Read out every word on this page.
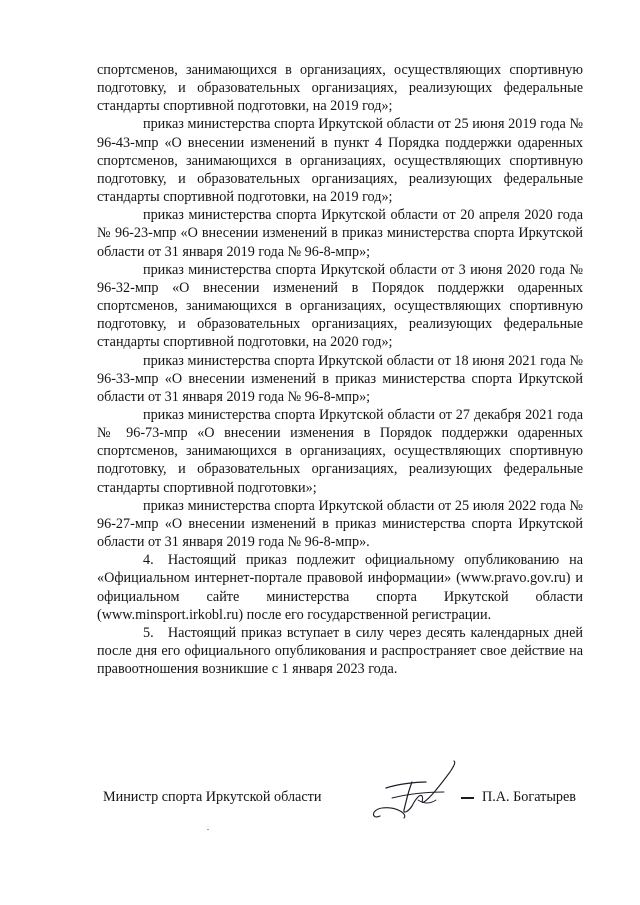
спортсменов, занимающихся в организациях, осуществляющих спортивную подготовку, и образовательных организациях, реализующих федеральные стандарты спортивной подготовки, на 2019 год»;

приказ министерства спорта Иркутской области от 25 июня 2019 года № 96-43-мпр «О внесении изменений в пункт 4 Порядка поддержки одаренных спортсменов, занимающихся в организациях, осуществляющих спортивную подготовку, и образовательных организациях, реализующих федеральные стандарты спортивной подготовки, на 2019 год»;

приказ министерства спорта Иркутской области от 20 апреля 2020 года № 96-23-мпр «О внесении изменений в приказ министерства спорта Иркутской области от 31 января 2019 года № 96-8-мпр»;

приказ министерства спорта Иркутской области от 3 июня 2020 года № 96-32-мпр «О внесении изменений в Порядок поддержки одаренных спортсменов, занимающихся в организациях, осуществляющих спортивную подготовку, и образовательных организациях, реализующих федеральные стандарты спортивной подготовки, на 2020 год»;

приказ министерства спорта Иркутской области от 18 июня 2021 года № 96-33-мпр «О внесении изменений в приказ министерства спорта Иркутской области от 31 января 2019 года № 96-8-мпр»;

приказ министерства спорта Иркутской области от 27 декабря 2021 года № 96-73-мпр «О внесении изменения в Порядок поддержки одаренных спортсменов, занимающихся в организациях, осуществляющих спортивную подготовку, и образовательных организациях, реализующих федеральные стандарты спортивной подготовки»;

приказ министерства спорта Иркутской области от 25 июля 2022 года № 96-27-мпр «О внесении изменений в приказ министерства спорта Иркутской области от 31 января 2019 года № 96-8-мпр».

4. Настоящий приказ подлежит официальному опубликованию на «Официальном интернет-портале правовой информации» (www.pravo.gov.ru) и официальном сайте министерства спорта Иркутской области (www.minsport.irkobl.ru) после его государственной регистрации.

5. Настоящий приказ вступает в силу через десять календарных дней после дня его официального опубликования и распространяет свое действие на правоотношения возникшие с 1 января 2023 года.

Министр спорта Иркутской области	П.А. Богатырев
